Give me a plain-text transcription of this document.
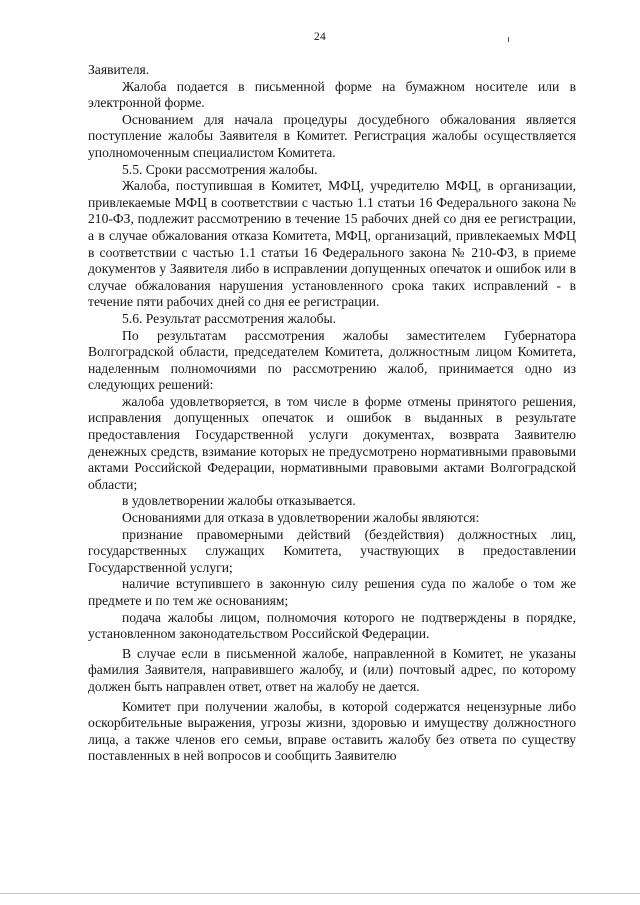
24

Заявителя.

Жалоба подается в письменной форме на бумажном носителе или в электронной форме.

Основанием для начала процедуры досудебного обжалования является поступление жалобы Заявителя в Комитет. Регистрация жалобы осуществляется уполномоченным специалистом Комитета.

5.5. Сроки рассмотрения жалобы.

Жалоба, поступившая в Комитет, МФЦ, учредителю МФЦ, в организации, привлекаемые МФЦ в соответствии с частью 1.1 статьи 16 Федерального закона № 210-ФЗ, подлежит рассмотрению в течение 15 рабочих дней со дня ее регистрации, а в случае обжалования отказа Комитета, МФЦ, организаций, привлекаемых МФЦ в соответствии с частью 1.1 статьи 16 Федерального закона № 210-ФЗ, в приеме документов у Заявителя либо в исправлении допущенных опечаток и ошибок или в случае обжалования нарушения установленного срока таких исправлений - в течение пяти рабочих дней со дня ее регистрации.

5.6. Результат рассмотрения жалобы.

По результатам рассмотрения жалобы заместителем Губернатора Волгоградской области, председателем Комитета, должностным лицом Комитета, наделенным полномочиями по рассмотрению жалоб, принимается одно из следующих решений:

жалоба удовлетворяется, в том числе в форме отмены принятого решения, исправления допущенных опечаток и ошибок в выданных в результате предоставления Государственной услуги документах, возврата Заявителю денежных средств, взимание которых не предусмотрено нормативными правовыми актами Российской Федерации, нормативными правовыми актами Волгоградской области;

в удовлетворении жалобы отказывается.

Основаниями для отказа в удовлетворении жалобы являются:

признание правомерными действий (бездействия) должностных лиц, государственных служащих Комитета, участвующих в предоставлении Государственной услуги;

наличие вступившего в законную силу решения суда по жалобе о том же предмете и по тем же основаниям;

подача жалобы лицом, полномочия которого не подтверждены в порядке, установленном законодательством Российской Федерации.

В случае если в письменной жалобе, направленной в Комитет, не указаны фамилия Заявителя, направившего жалобу, и (или) почтовый адрес, по которому должен быть направлен ответ, ответ на жалобу не дается.

Комитет при получении жалобы, в которой содержатся нецензурные либо оскорбительные выражения, угрозы жизни, здоровью и имуществу должностного лица, а также членов его семьи, вправе оставить жалобу без ответа по существу поставленных в ней вопросов и сообщить Заявителю
